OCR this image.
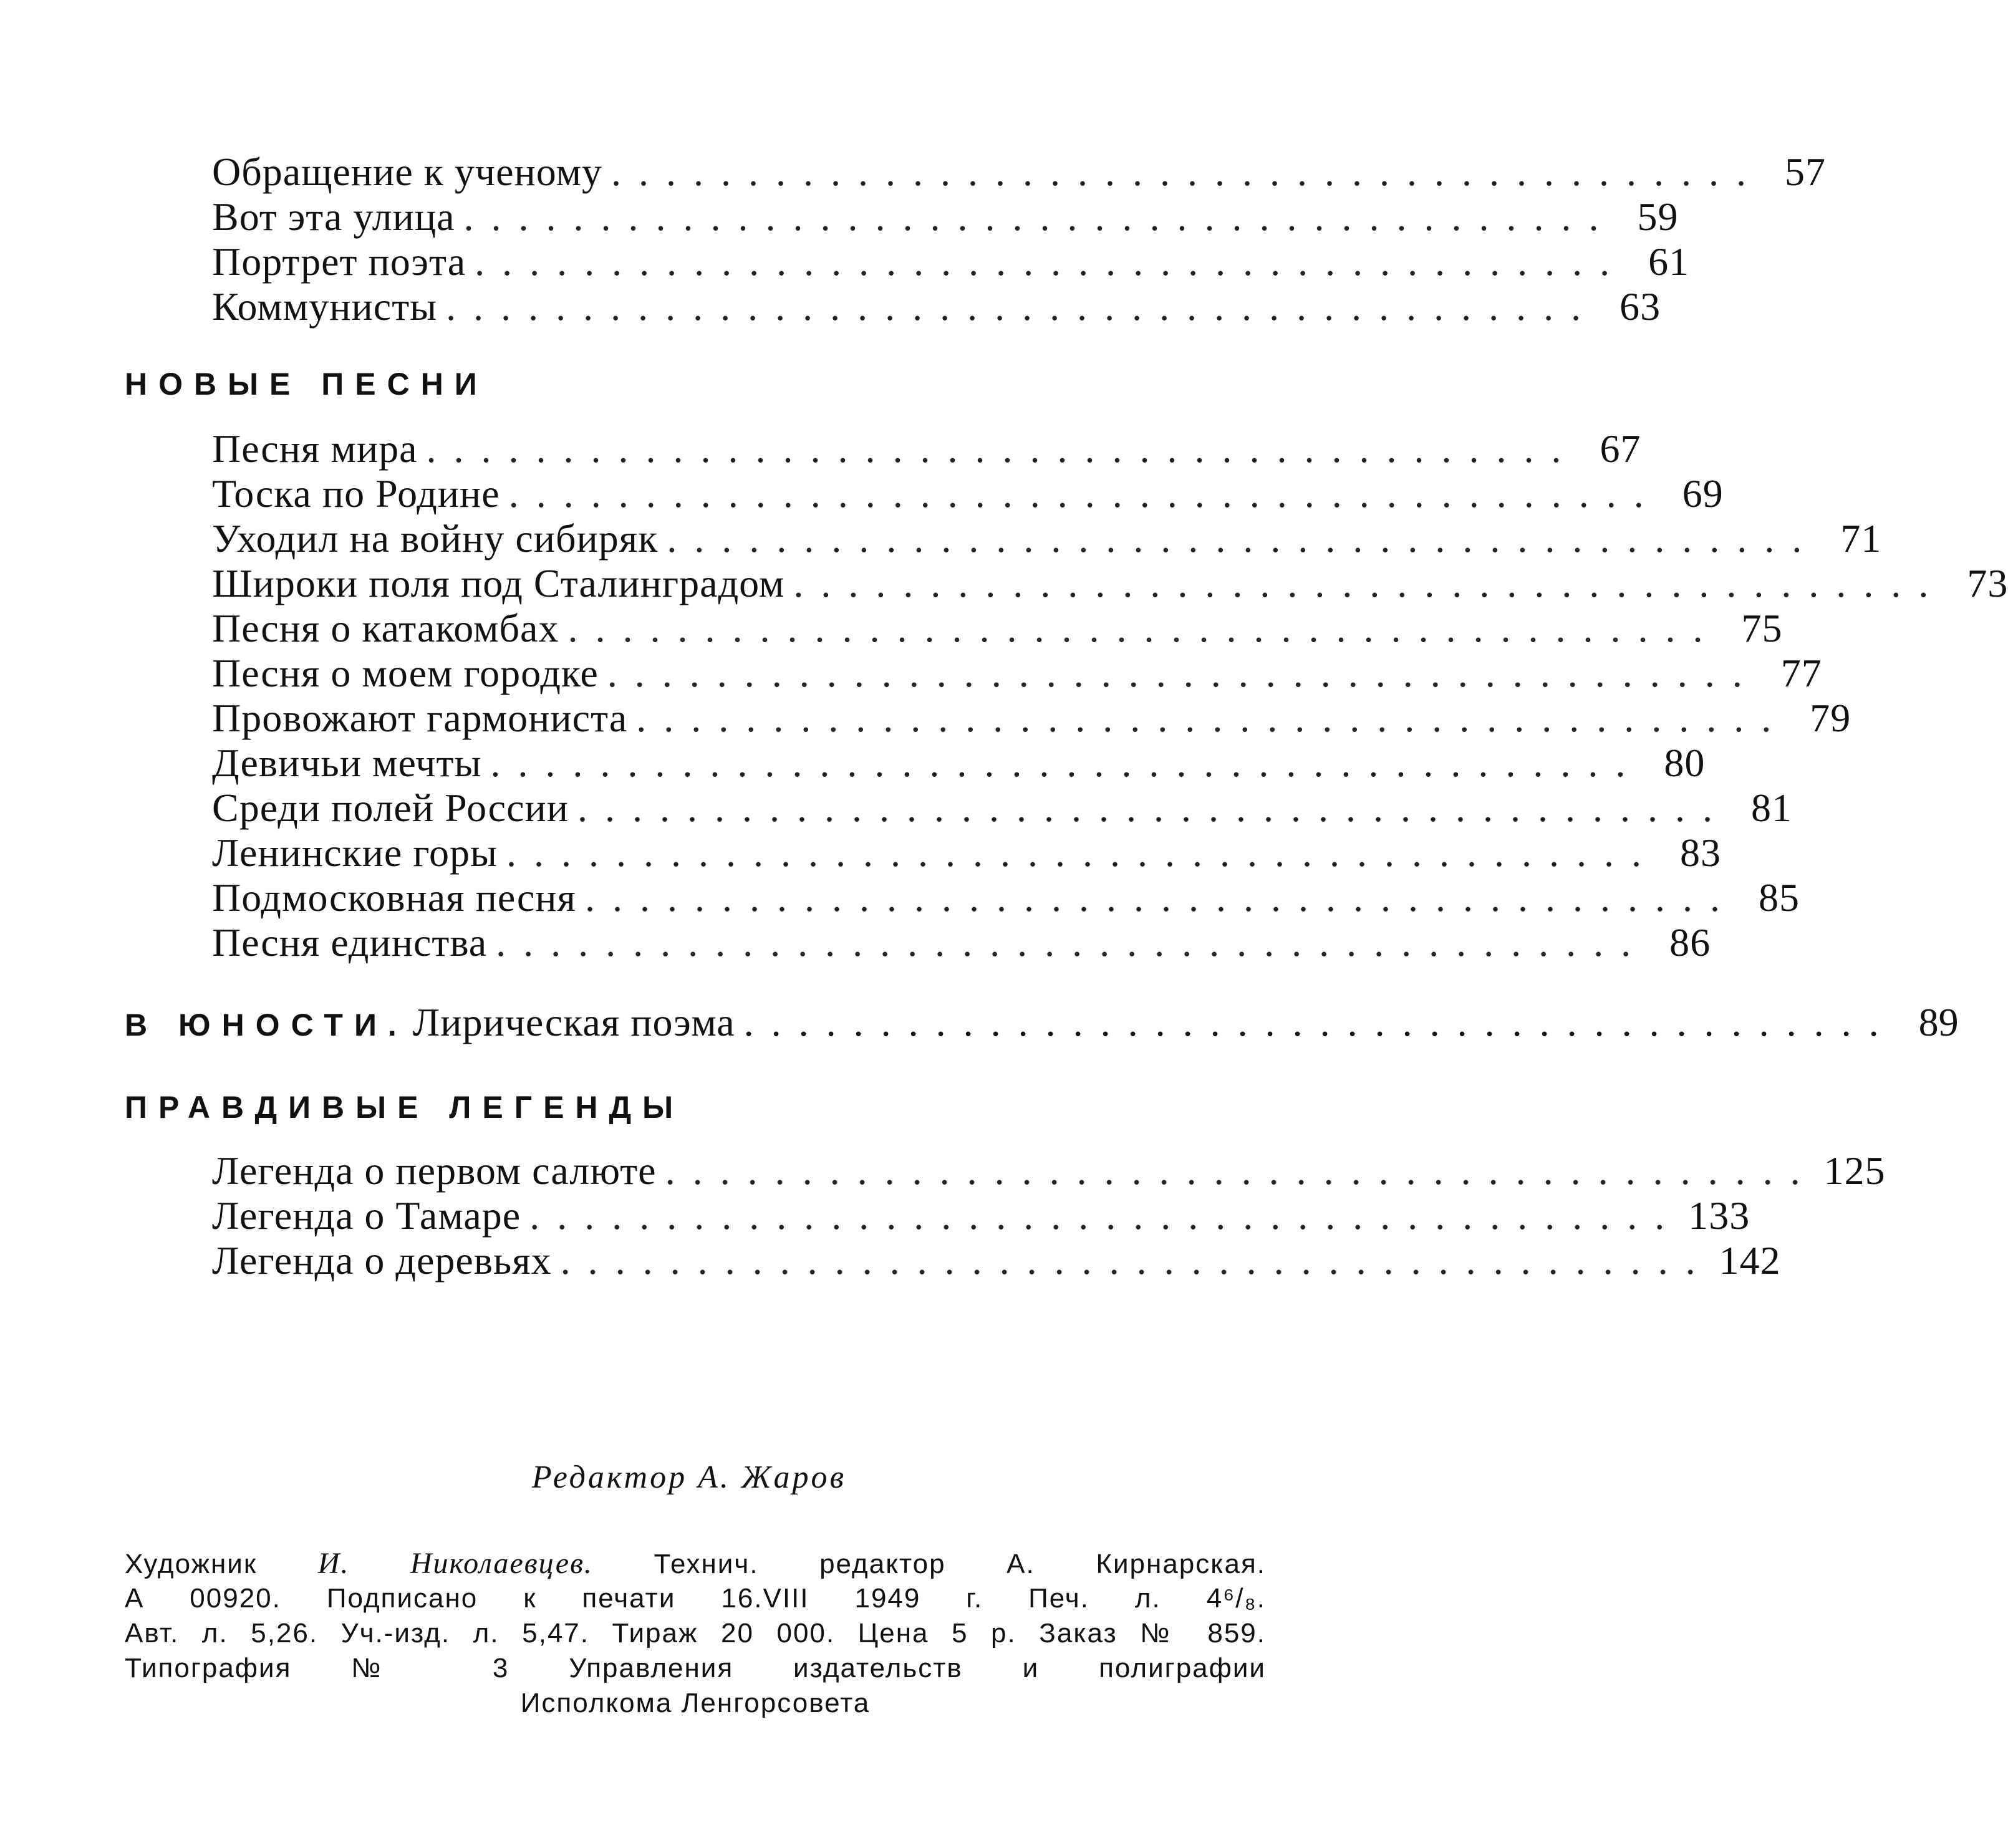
Обращение к ученому .......................................... 57
Вот эта улица .......................................... 59
Портрет поэта .......................................... 61
Коммунисты .......................................... 63
НОВЫЕ ПЕСНИ
Песня мира .......................................... 67
Тоска по Родине .......................................... 69
Уходил на войну сибиряк .......................................... 71
Широки поля под Сталинградом .......................................... 73
Песня о катакомбах .......................................... 75
Песня о моем городке .......................................... 77
Провожают гармониста .......................................... 79
Девичьи мечты .......................................... 80
Среди полей России .......................................... 81
Ленинские горы .......................................... 83
Подмосковная песня .......................................... 85
Песня единства .......................................... 86
В ЮНОСТИ. Лирическая поэма .......................................... 89
ПРАВДИВЫЕ ЛЕГЕНДЫ
Легенда о первом салюте .......................................... 125
Легенда о Тамаре .......................................... 133
Легенда о деревьях .......................................... 142
Редактор А. Жаров
Художник И. Николаевцев. Технич. редактор А. Кирнарская.
А 00920. Подписано к печати 16.VIII 1949 г. Печ. л. 4⁶/₈.
Авт. л. 5,26. Уч.-изд. л. 5,47. Тираж 20 000. Цена 5 р. Заказ № 859.
Типография № 3 Управления издательств и полиграфии
Исполкома Ленгорсовета
